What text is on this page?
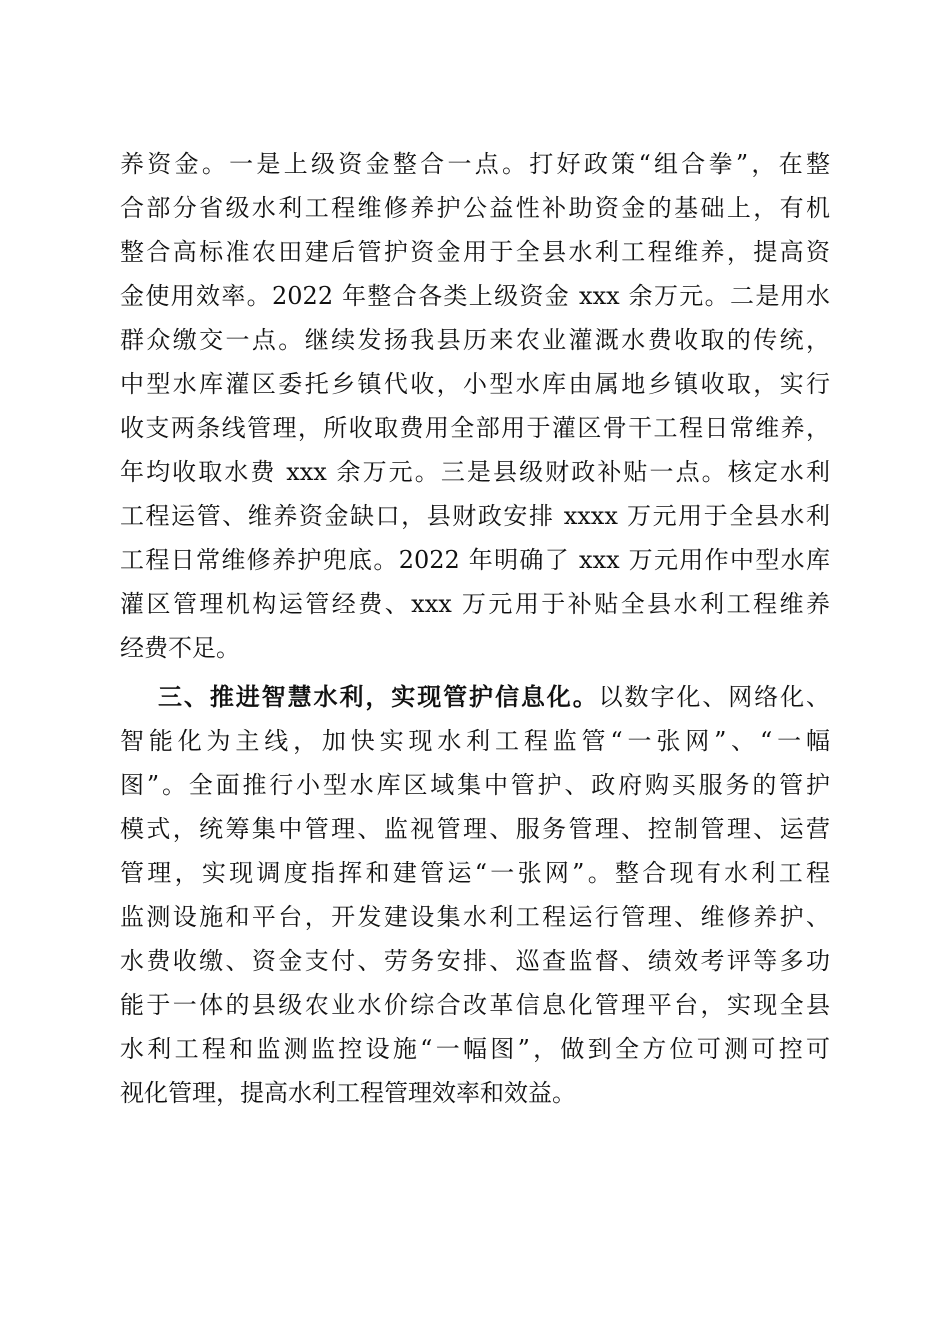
养资金。一是上级资金整合一点。打好政策“组合拳”，在整
合部分省级水利工程维修养护公益性补助资金的基础上，有机
整合高标准农田建后管护资金用于全县水利工程维养，提高资
金使用效率。2022 年整合各类上级资金 xxx 余万元。二是用水
群众缴交一点。继续发扬我县历来农业灌溉水费收取的传统，
中型水库灌区委托乡镇代收，小型水库由属地乡镇收取，实行
收支两条线管理，所收取费用全部用于灌区骨干工程日常维养，
年均收取水费 xxx 余万元。三是县级财政补贴一点。核定水利
工程运管、维养资金缺口，县财政安排 xxxx 万元用于全县水利
工程日常维修养护兜底。2022 年明确了 xxx 万元用作中型水库
灌区管理机构运管经费、xxx 万元用于补贴全县水利工程维养
经费不足。
三、推进智慧水利，实现管护信息化。以数字化、网络化、
智能化为主线，加快实现水利工程监管“一张网”、“一幅
图”。全面推行小型水库区域集中管护、政府购买服务的管护
模式，统筹集中管理、监视管理、服务管理、控制管理、运营
管理，实现调度指挥和建管运“一张网”。整合现有水利工程
监测设施和平台，开发建设集水利工程运行管理、维修养护、
水费收缴、资金支付、劳务安排、巡查监督、绩效考评等多功
能于一体的县级农业水价综合改革信息化管理平台，实现全县
水利工程和监测监控设施“一幅图”，做到全方位可测可控可
视化管理，提高水利工程管理效率和效益。
